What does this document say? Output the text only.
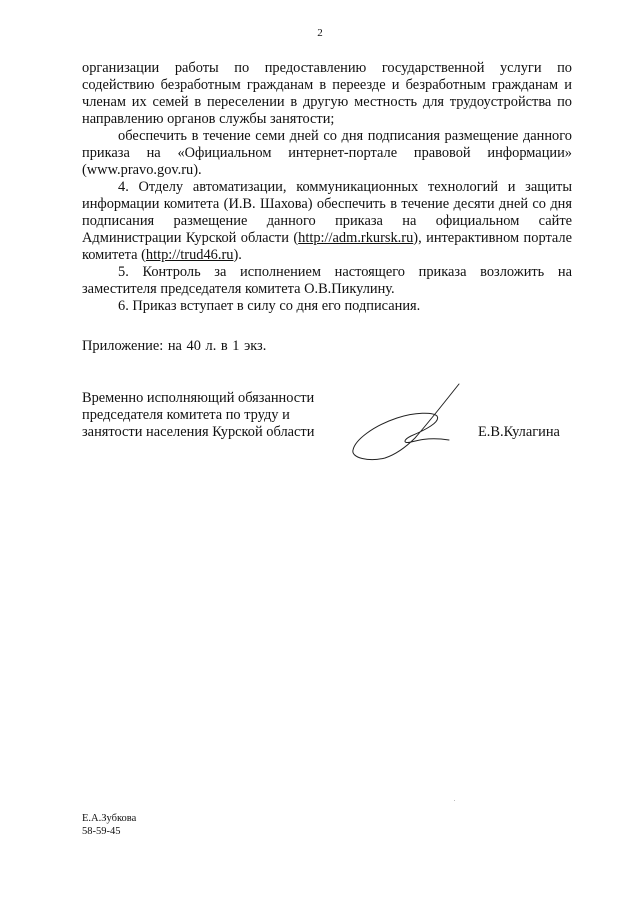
2

организации работы по предоставлению государственной услуги по содействию безработным гражданам в переезде и безработным гражданам и членам их семей в переселении в другую местность для трудоустройства по направлению органов службы занятости;

обеспечить в течение семи дней со дня подписания размещение данного приказа на «Официальном интернет-портале правовой информации» (www.pravo.gov.ru).

4. Отделу автоматизации, коммуникационных технологий и защиты информации комитета (И.В. Шахова) обеспечить в течение десяти дней со дня подписания размещение данного приказа на официальном сайте Администрации Курской области (http://adm.rkursk.ru), интерактивном портале комитета (http://trud46.ru).

5. Контроль за исполнением настоящего приказа возложить на заместителя председателя комитета О.В.Пикулину.

6. Приказ вступает в силу со дня его подписания.

Приложение: на 40 л. в 1 экз.
Временно исполняющий обязанности
председателя комитета по труду и
занятости населения Курской области	Е.В.Кулагина
Е.А.Зубкова
58-59-45
